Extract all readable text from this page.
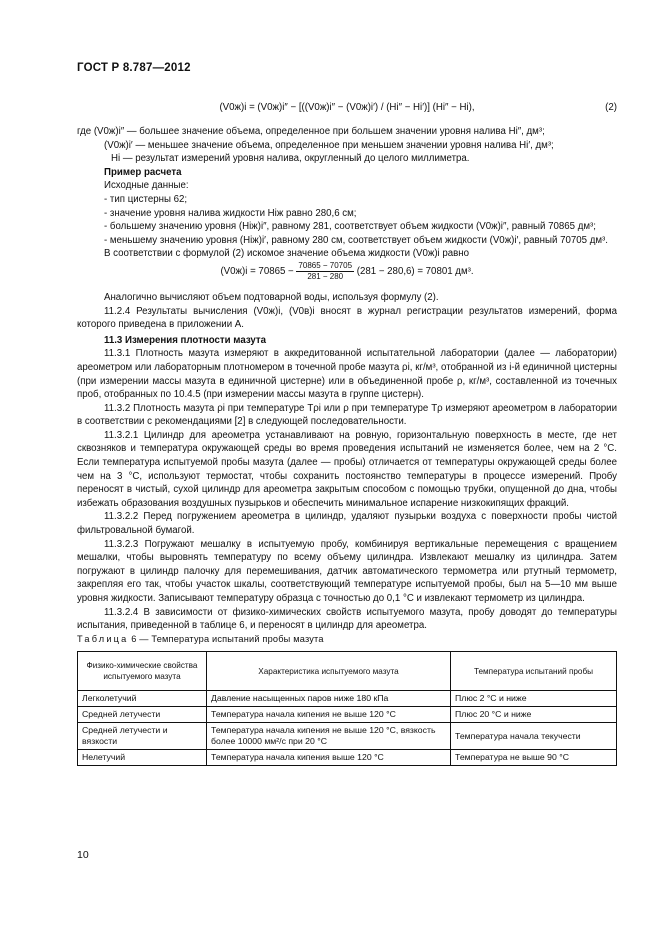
ГОСТ Р 8.787—2012
(V0ж)i = (V0ж)i″ − [((V0ж)i″ − (V0ж)i′) / (Hi″ − Hi′)] (Hi″ − Hi),	(2)

где (V0ж)i″ — большее значение объема, определенное при большем значении уровня налива Hi″, дм³;

(V0ж)i′ — меньшее значение объема, определенное при меньшем значении уровня налива Hi′, дм³;

Hi — результат измерений уровня налива, округленный до целого миллиметра.

Пример расчета

Исходные данные:

- тип цистерны 62;

- значение уровня налива жидкости Hiж равно 280,6 см;

- большему значению уровня (Hiж)i″, равному 281, соответствует объем жидкости (V0ж)i″, равный 70865 дм³;

- меньшему значению уровня (Hiж)i′, равному 280 см, соответствует объем жидкости (V0ж)i′, равный 70705 дм³.

В соответствии с формулой (2) искомое значение объема жидкости (V0ж)i равно

$(V0ж)i = 70865 - \frac{70865 - 70705}{281 - 280} (281 - 280,6) = 70801$ дм³.

Аналогично вычисляют объем подтоварной воды, используя формулу (2).

11.2.4 Результаты вычисления (V0ж)i, (V0в)i вносят в журнал регистрации результатов измерений, форма которого приведена в приложении А.

11.3 Измерения плотности мазута

11.3.1 Плотность мазута измеряют в аккредитованной испытательной лаборатории (далее — лаборатории) ареометром или лабораторным плотномером в точечной пробе мазута ρi, кг/м³, отобранной из i-й единичной цистерны (при измерении массы мазута в единичной цистерне) или в объединенной пробе ρ, кг/м³, составленной из точечных проб, отобранных по 10.4.5 (при измерении массы мазута в группе цистерн).

11.3.2 Плотность мазута ρi при температуре Tρi или ρ при температуре Tρ измеряют ареометром в лаборатории в соответствии с рекомендациями [2] в следующей последовательности.

11.3.2.1 Цилиндр для ареометра устанавливают на ровную, горизонтальную поверхность в месте, где нет сквозняков и температура окружающей среды во время проведения испытаний не изменяется более, чем на 2 °С. Если температура испытуемой пробы мазута (далее — пробы) отличается от температуры окружающей среды более чем на 3 °С, используют термостат, чтобы сохранить постоянство температуры в процессе измерений. Пробу переносят в чистый, сухой цилиндр для ареометра закрытым способом с помощью трубки, опущенной до дна, чтобы избежать образования воздушных пузырьков и обеспечить минимальное испарение низкокипящих фракций.

11.3.2.2 Перед погружением ареометра в цилиндр, удаляют пузырьки воздуха с поверхности пробы чистой фильтровальной бумагой.

11.3.2.3 Погружают мешалку в испытуемую пробу, комбинируя вертикальные перемещения с вращением мешалки, чтобы выровнять температуру по всему объему цилиндра. Извлекают мешалку из цилиндра. Затем погружают в цилиндр палочку для перемешивания, датчик автоматического термометра или ртутный термометр, закрепляя его так, чтобы участок шкалы, соответствующий температуре испытуемой пробы, был на 5—10 мм выше уровня жидкости. Записывают температуру образца с точностью до 0,1 °С и извлекают термометр из цилиндра.

11.3.2.4 В зависимости от физико-химических свойств испытуемого мазута, пробу доводят до температуры испытания, приведенной в таблице 6, и переносят в цилиндр для ареометра.

Таблица 6 — Температура испытаний пробы мазута

Физико-химические свойства испытуемого мазута	Характеристика испытуемого мазута	Температура испытаний пробы
Легколетучий	Давление насыщенных паров ниже 180 кПа	Плюс 2 °С и ниже
Средней летучести	Температура начала кипения не выше 120 °С	Плюс 20 °С и ниже
Средней летучести и вязкости	Температура начала кипения не выше 120 °С, вязкость более 10000 мм²/с при 20 °С	Температура начала текучести
Нелетучий	Температура начала кипения выше 120 °С	Температура не выше 90 °С
10
